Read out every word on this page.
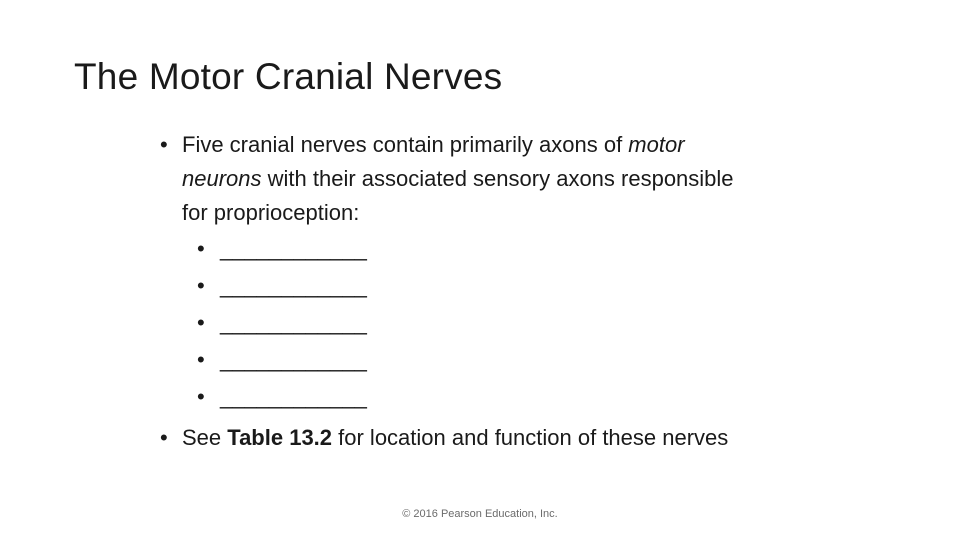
The Motor Cranial Nerves
• Five cranial nerves contain primarily axons of motor
neurons with their associated sensory axons responsible
for proprioception:
• ____________
• ____________
• ____________
• ____________
• ____________
• See Table 13.2 for location and function of these nerves
© 2016 Pearson Education, Inc.
